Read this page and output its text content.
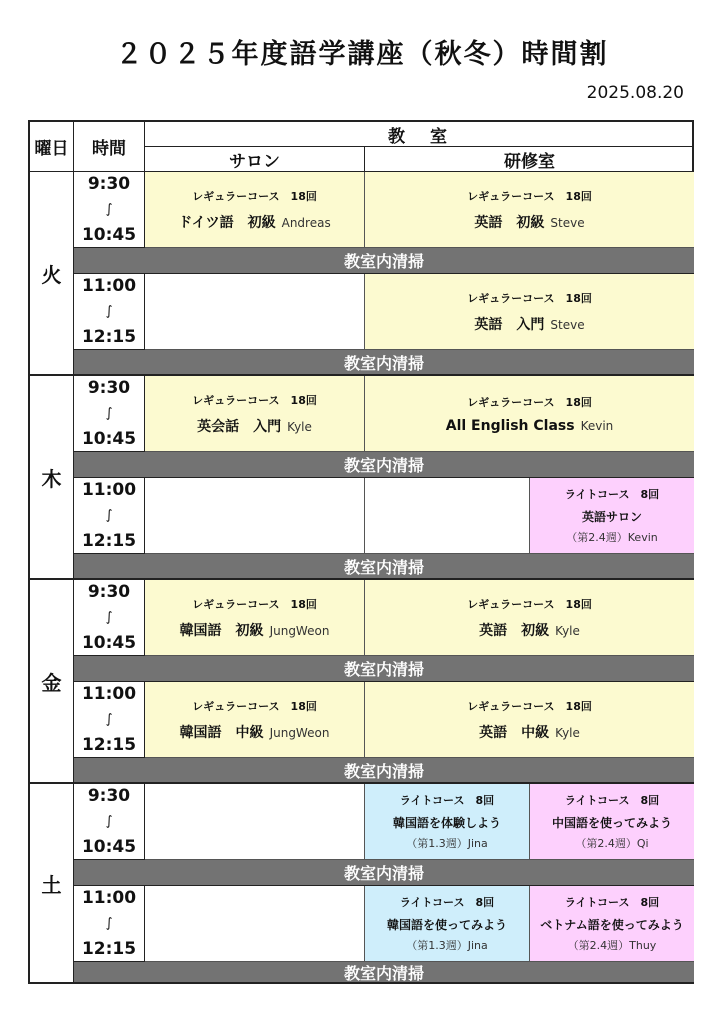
２０２５年度語学講座（秋冬）時間割
2025.08.20
曜日	時間
教　室
サロン	研修室
火
9:30
∫
10:45
レギュラーコース　18回
ドイツ語　初級 Andreas
レギュラーコース　18回
英語　初級 Steve
教室内清掃
11:00
∫
12:15
レギュラーコース　18回
英語　入門 Steve
教室内清掃
木
9:30
∫
10:45
レギュラーコース　18回
英会話　入門 Kyle
レギュラーコース　18回
All English Class Kevin
教室内清掃
11:00
∫
12:15
ライトコース　8回
英語サロン
（第2.4週）Kevin
教室内清掃
金
9:30
∫
10:45
レギュラーコース　18回
韓国語　初級 JungWeon
レギュラーコース　18回
英語　初級 Kyle
教室内清掃
11:00
∫
12:15
レギュラーコース　18回
韓国語　中級 JungWeon
レギュラーコース　18回
英語　中級 Kyle
教室内清掃
土
9:30
∫
10:45
ライトコース　8回
韓国語を体験しよう
（第1.3週）Jina
ライトコース　8回
中国語を使ってみよう
（第2.4週）Qi
教室内清掃
11:00
∫
12:15
ライトコース　8回
韓国語を使ってみよう
（第1.3週）Jina
ライトコース　8回
ベトナム語を使ってみよう
（第2.4週）Thuy
教室内清掃
